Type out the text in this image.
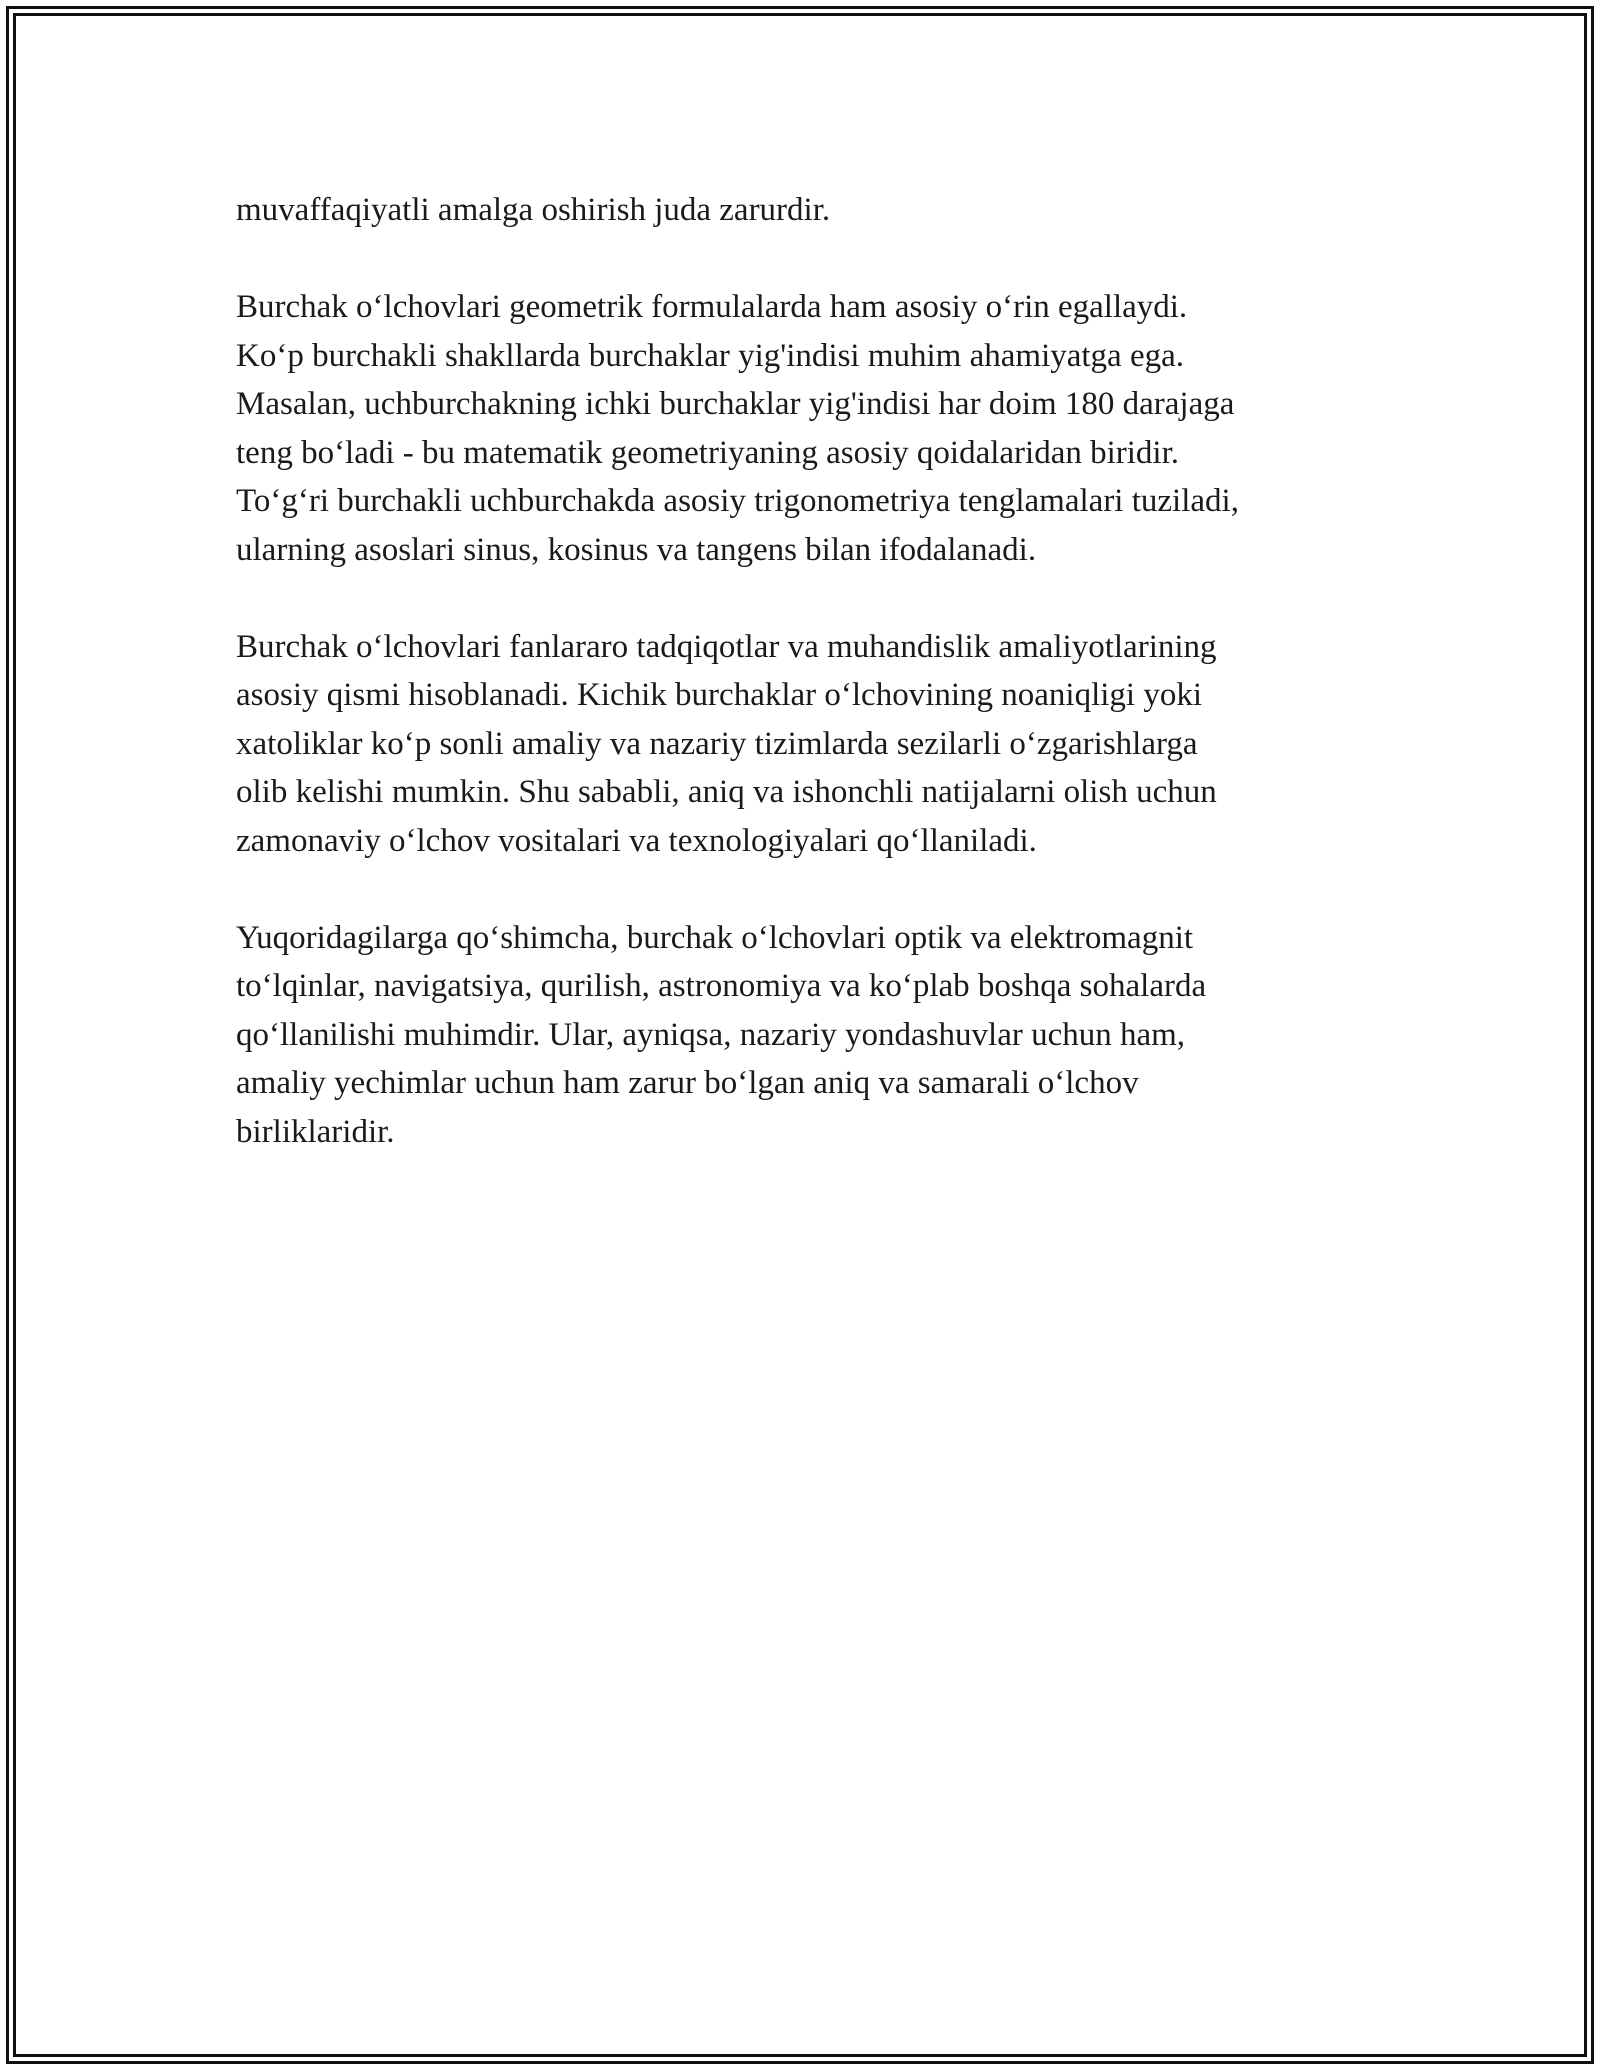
muvaffaqiyatli amalga oshirish juda zarurdir.

Burchak o‘lchovlari geometrik formulalarda ham asosiy o‘rin egallaydi.
Ko‘p burchakli shakllarda burchaklar yig'indisi muhim ahamiyatga ega.
Masalan, uchburchakning ichki burchaklar yig'indisi har doim 180 darajaga
teng bo‘ladi - bu matematik geometriyaning asosiy qoidalaridan biridir.
To‘g‘ri burchakli uchburchakda asosiy trigonometriya tenglamalari tuziladi,
ularning asoslari sinus, kosinus va tangens bilan ifodalanadi.

Burchak o‘lchovlari fanlararo tadqiqotlar va muhandislik amaliyotlarining
asosiy qismi hisoblanadi. Kichik burchaklar o‘lchovining noaniqligi yoki
xatoliklar ko‘p sonli amaliy va nazariy tizimlarda sezilarli o‘zgarishlarga
olib kelishi mumkin. Shu sababli, aniq va ishonchli natijalarni olish uchun
zamonaviy o‘lchov vositalari va texnologiyalari qo‘llaniladi.

Yuqoridagilarga qo‘shimcha, burchak o‘lchovlari optik va elektromagnit
to‘lqinlar, navigatsiya, qurilish, astronomiya va ko‘plab boshqa sohalarda
qo‘llanilishi muhimdir. Ular, ayniqsa, nazariy yondashuvlar uchun ham,
amaliy yechimlar uchun ham zarur bo‘lgan aniq va samarali o‘lchov
birliklaridir.
